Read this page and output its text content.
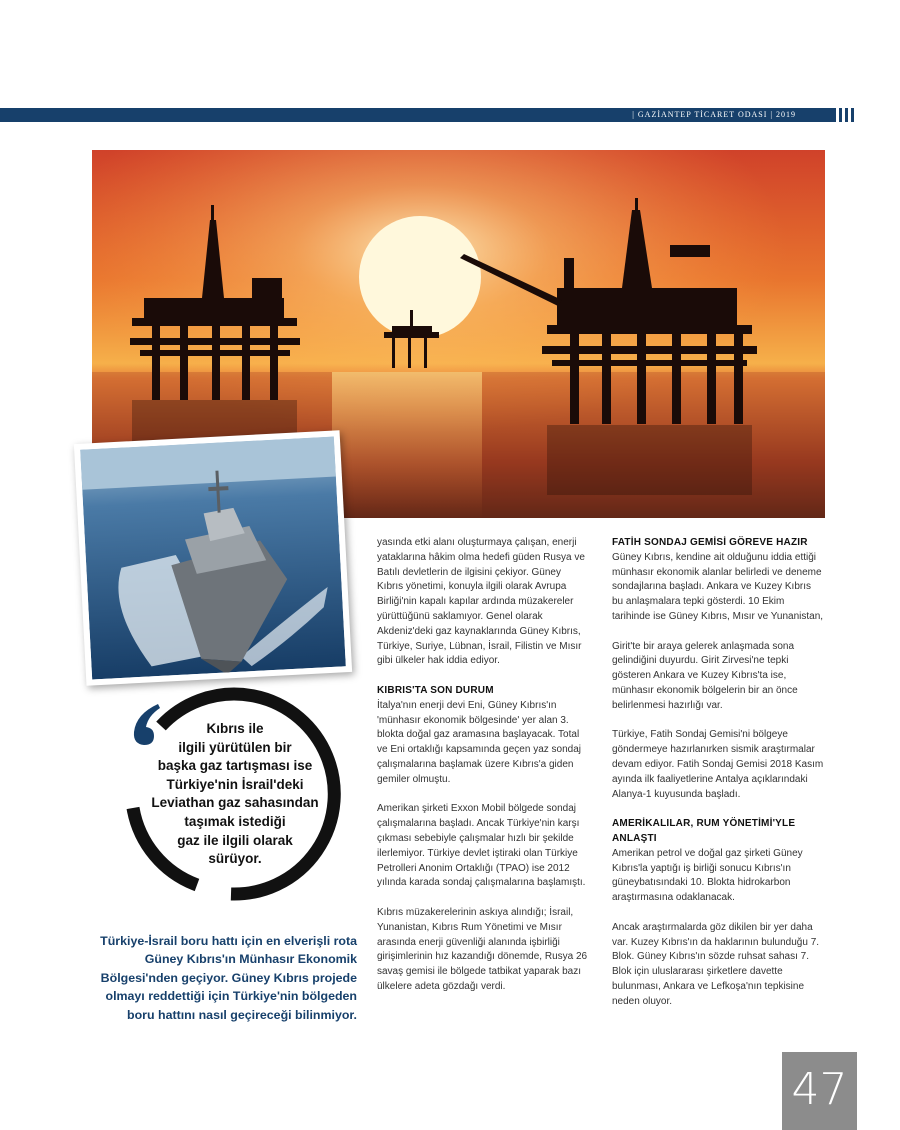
| GAZİANTEP TİCARET ODASI | 2019
Kıbrıs ile
ilgili yürütülen bir
başka gaz tartışması ise
Türkiye'nin İsrail'deki
Leviathan gaz sahasından
taşımak istediği
gaz ile ilgili olarak
sürüyor.
Türkiye-İsrail boru hattı için en elverişli rota Güney Kıbrıs'ın Münhasır Ekonomik Bölgesi'nden geçiyor. Güney Kıbrıs projede olmayı reddettiği için Türkiye'nin bölgeden boru hattını nasıl geçireceği bilinmiyor.

yasında etki alanı oluşturmaya çalışan, enerji yataklarına hâkim olma hedefi güden Rusya ve Batılı devletlerin de ilgisini çekiyor. Güney Kıbrıs yönetimi, konuyla ilgili olarak Avrupa Birliği'nin kapalı kapılar ardında müzakereler yürüttüğünü saklamıyor. Genel olarak Akdeniz'deki gaz kaynaklarında Güney Kıbrıs, Türkiye, Suriye, Lübnan, İsrail, Filistin ve Mısır gibi ülkeler hak iddia ediyor.

KIBRIS'TA SON DURUM

İtalya'nın enerji devi Eni, Güney Kıbrıs'ın 'münhasır ekonomik bölgesinde' yer alan 3. blokta doğal gaz aramasına başlayacak. Total ve Eni ortaklığı kapsamında geçen yaz sondaj çalışmalarına başlamak üzere Kıbrıs'a giden gemiler olmuştu.

Amerikan şirketi Exxon Mobil bölgede sondaj çalışmalarına başladı. Ancak Türkiye'nin karşı çıkması sebebiyle çalışmalar hızlı bir şekilde ilerlemiyor. Türkiye devlet iştiraki olan Türkiye Petrolleri Anonim Ortaklığı (TPAO) ise 2012 yılında karada sondaj çalışmalarına başlamıştı.

Kıbrıs müzakerelerinin askıya alındığı; İsrail, Yunanistan, Kıbrıs Rum Yönetimi ve Mısır arasında enerji güvenliği alanında işbirliği girişimlerinin hız kazandığı dönemde, Rusya 26 savaş gemisi ile bölgede tatbikat yaparak bazı ülkelere adeta gözdağı verdi.

FATİH SONDAJ GEMİSİ GÖREVE HAZIR

Güney Kıbrıs, kendine ait olduğunu iddia ettiği münhasır ekonomik alanlar belirledi ve deneme sondajlarına başladı. Ankara ve Kuzey Kıbrıs bu anlaşmalara tepki gösterdi. 10 Ekim tarihinde ise Güney Kıbrıs, Mısır ve Yunanistan,

Girit'te bir araya gelerek anlaşmada sona gelindiğini duyurdu. Girit Zirvesi'ne tepki gösteren Ankara ve Kuzey Kıbrıs'ta ise, münhasır ekonomik bölgelerin bir an önce belirlenmesi hazırlığı var.

Türkiye, Fatih Sondaj Gemisi'ni bölgeye göndermeye hazırlanırken sismik araştırmalar devam ediyor. Fatih Sondaj Gemisi 2018 Kasım ayında ilk faaliyetlerine Antalya açıklarındaki Alanya-1 kuyusunda başladı.

AMERİKALILAR, RUM YÖNETİMİ'YLE ANLAŞTI

Amerikan petrol ve doğal gaz şirketi Güney Kıbrıs'la yaptığı iş birliği sonucu Kıbrıs'ın güneybatısındaki 10. Blokta hidrokarbon araştırmasına odaklanacak.

Ancak araştırmalarda göz dikilen bir yer daha var. Kuzey Kıbrıs'ın da haklarının bulunduğu 7. Blok. Güney Kıbrıs'ın sözde ruhsat sahası 7. Blok için uluslararası şirketlere davette bulunması, Ankara ve Lefkoşa'nın tepkisine neden oluyor.

47
